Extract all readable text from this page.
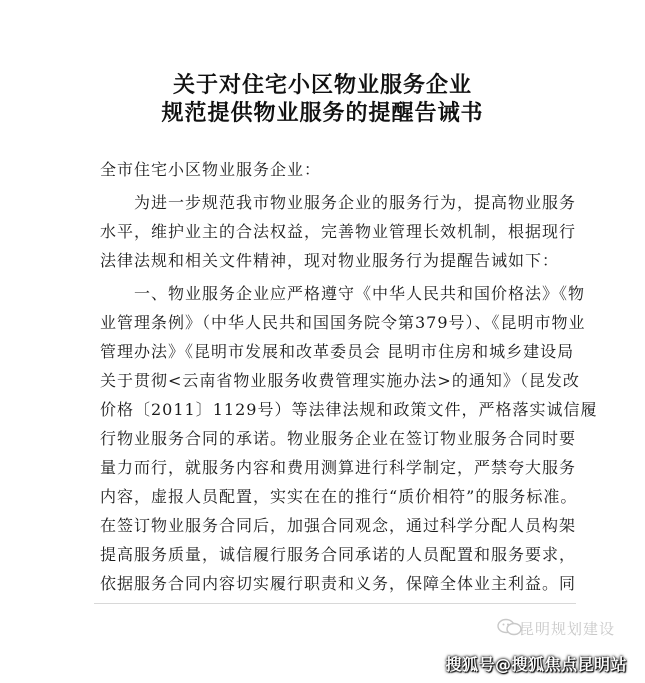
关于对住宅小区物业服务企业
规范提供物业服务的提醒告诫书
全市住宅小区物业服务企业：
　　为进一步规范我市物业服务企业的服务行为，提高物业服务
水平，维护业主的合法权益，完善物业管理长效机制，根据现行
法律法规和相关文件精神，现对物业服务行为提醒告诫如下：
　　一、物业服务企业应严格遵守《中华人民共和国价格法》《物
业管理条例》（中华人民共和国国务院令第379号）、《昆明市物业
管理办法》《昆明市发展和改革委员会 昆明市住房和城乡建设局
关于贯彻<云南省物业服务收费管理实施办法>的通知》（昆发改
价格〔2011〕1129号）等法律法规和政策文件，严格落实诚信履
行物业服务合同的承诺。物业服务企业在签订物业服务合同时要
量力而行，就服务内容和费用测算进行科学制定，严禁夸大服务
内容，虚报人员配置，实实在在的推行“质价相符”的服务标准。
在签订物业服务合同后，加强合同观念，通过科学分配人员构架
提高服务质量，诚信履行服务合同承诺的人员配置和服务要求，
依据服务合同内容切实履行职责和义务，保障全体业主利益。同
昆明规划建设
搜狐号@搜狐焦点昆明站
